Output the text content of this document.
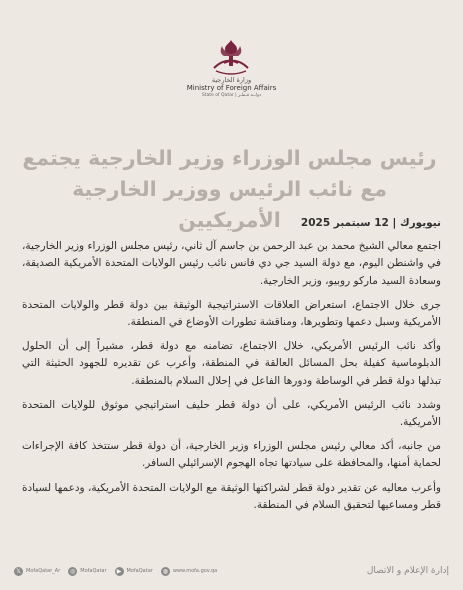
وزارة الخارجية
Ministry of Foreign Affairs
State of Qatar | دولــة قـطـر
رئيس مجلس الوزراء وزير الخارجية يجتمع مع نائب الرئيس ووزير الخارجية الأمريكيين	نيويورك | 12 سبتمبر 2025

اجتمع معالي الشيخ محمد بن عبد الرحمن بن جاسم آل ثاني، رئيس مجلس الوزراء وزير الخارجية، في واشنطن اليوم، مع دولة السيد جي دي فانس نائب رئيس الولايات المتحدة الأمريكية الصديقة، وسعادة السيد ماركو روبيو، وزير الخارجية.

جرى خلال الاجتماع، استعراض العلاقات الاستراتيجية الوثيقة بين دولة قطر والولايات المتحدة الأمريكية وسبل دعمها وتطويرها، ومناقشة تطورات الأوضاع في المنطقة.

وأكد نائب الرئيس الأمريكي، خلال الاجتماع، تضامنه مع دولة قطر، مشيراً إلى أن الحلول الدبلوماسية كفيلة بحل المسائل العالقة في المنطقة، وأعرب عن تقديره للجهود الحثيثة التي تبذلها دولة قطر في الوساطة ودورها الفاعل في إحلال السلام بالمنطقة.

وشدد نائب الرئيس الأمريكي، على أن دولة قطر حليف استراتيجي موثوق للولايات المتحدة الأمريكية.

من جانبه، أكد معالي رئيس مجلس الوزراء وزير الخارجية، أن دولة قطر ستتخذ كافة الإجراءات لحماية أمنها، والمحافظة على سيادتها تجاه الهجوم الإسرائيلي السافر.

وأعرب معاليه عن تقدير دولة قطر لشراكتها الوثيقة مع الولايات المتحدة الأمريكية، ودعمها لسيادة قطر ومساعيها لتحقيق السلام في المنطقة.

𝕏	MofaQatar_Ar	◎ MofaQatar	▶	MofaQatar	◍ www.mofa.gov.qa	إدارة الإعلام و الاتصال
